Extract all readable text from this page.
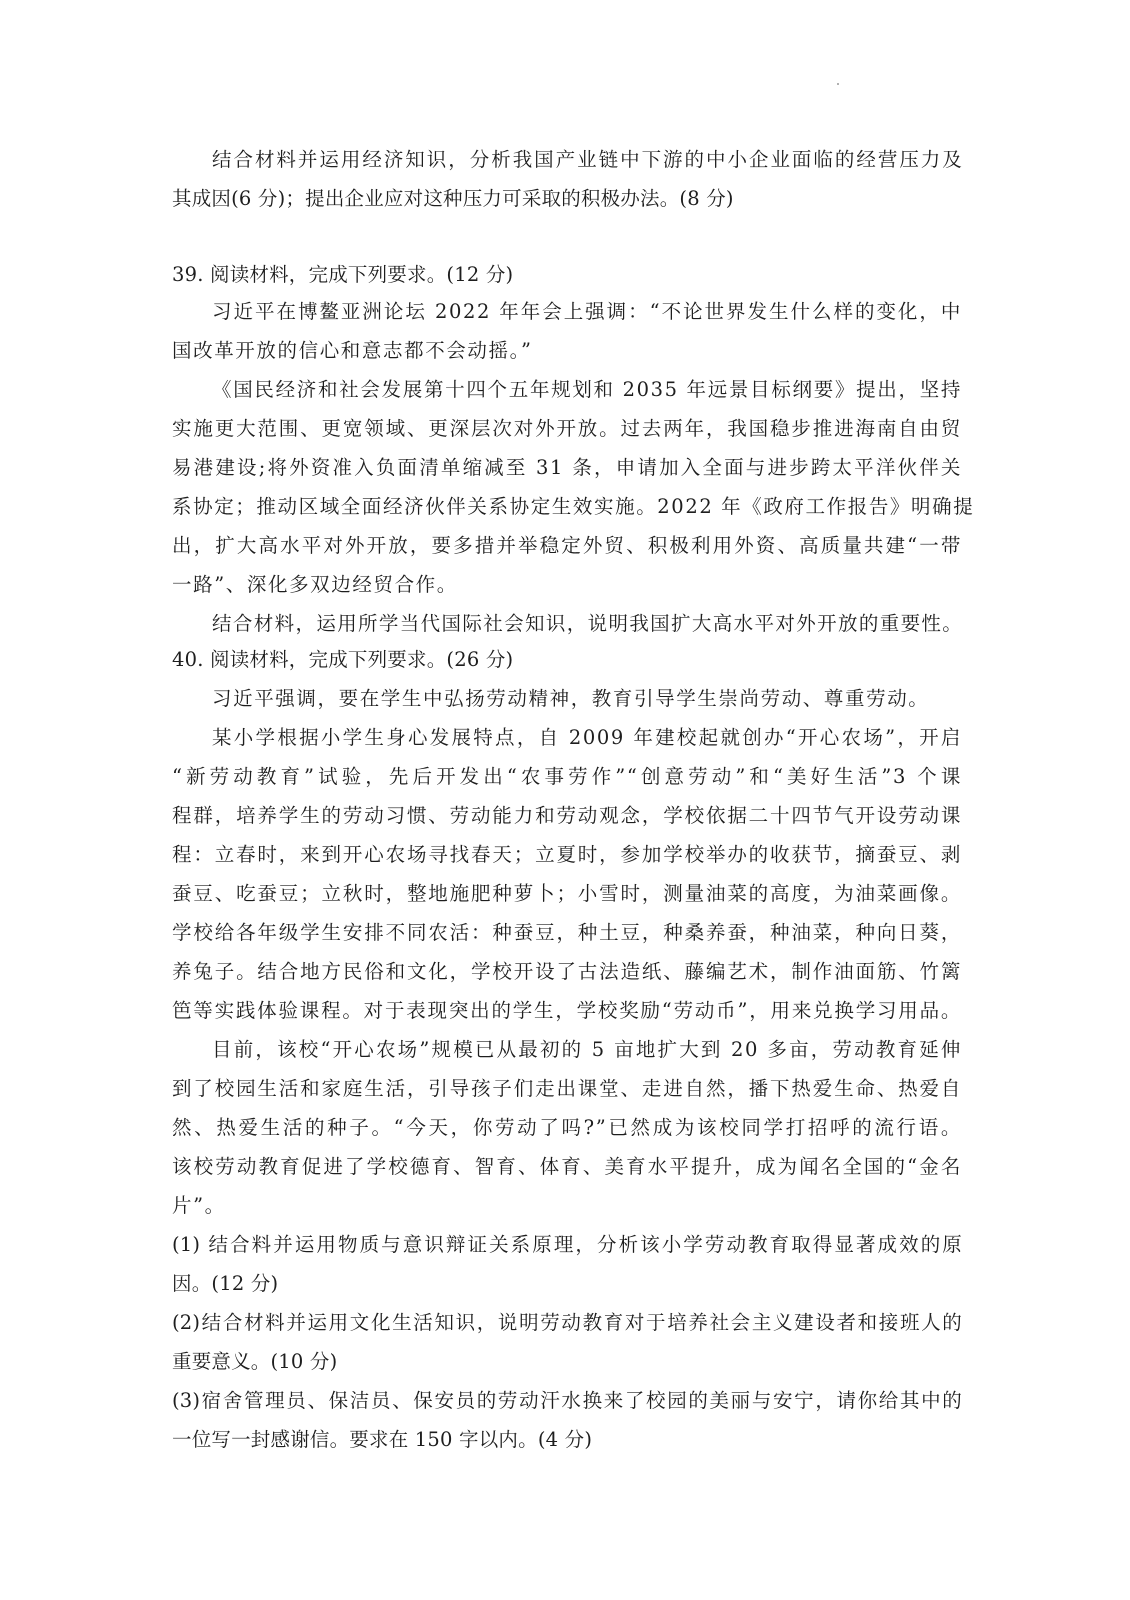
结合材料并运用经济知识，分析我国产业链中下游的中小企业面临的经营压力及
其成因(6 分)；提出企业应对这种压力可采取的积极办法。(8 分)
39. 阅读材料，完成下列要求。(12 分)
习近平在博鳌亚洲论坛 2022 年年会上强调：“不论世界发生什么样的变化，中
国改革开放的信心和意志都不会动摇。”
《国民经济和社会发展第十四个五年规划和 2035 年远景目标纲要》提出，坚持
实施更大范围、更宽领域、更深层次对外开放。过去两年，我国稳步推进海南自由贸
易港建设;将外资准入负面清单缩减至 31 条，申请加入全面与进步跨太平洋伙伴关
系协定；推动区域全面经济伙伴关系协定生效实施。2022 年《政府工作报告》明确提
出，扩大高水平对外开放，要多措并举稳定外贸、积极利用外资、高质量共建“一带
一路”、深化多双边经贸合作。
结合材料，运用所学当代国际社会知识，说明我国扩大高水平对外开放的重要性。
40. 阅读材料，完成下列要求。(26 分)
习近平强调，要在学生中弘扬劳动精神，教育引导学生崇尚劳动、尊重劳动。
某小学根据小学生身心发展特点，自 2009 年建校起就创办“开心农场”，开启
“新劳动教育”试验，先后开发出“农事劳作”“创意劳动”和“美好生活”3 个课
程群，培养学生的劳动习惯、劳动能力和劳动观念，学校依据二十四节气开设劳动课
程：立春时，来到开心农场寻找春天；立夏时，参加学校举办的收获节，摘蚕豆、剥
蚕豆、吃蚕豆；立秋时，整地施肥种萝卜；小雪时，测量油菜的高度，为油菜画像。
学校给各年级学生安排不同农活：种蚕豆，种土豆，种桑养蚕，种油菜，种向日葵，
养兔子。结合地方民俗和文化，学校开设了古法造纸、藤编艺术，制作油面筋、竹篱
笆等实践体验课程。对于表现突出的学生，学校奖励“劳动币”，用来兑换学习用品。
目前，该校“开心农场”规模已从最初的 5 亩地扩大到 20 多亩，劳动教育延伸
到了校园生活和家庭生活，引导孩子们走出课堂、走进自然，播下热爱生命、热爱自
然、热爱生活的种子。“今天，你劳动了吗?”已然成为该校同学打招呼的流行语。
该校劳动教育促进了学校德育、智育、体育、美育水平提升，成为闻名全国的“金名
片”。
(1) 结合料并运用物质与意识辩证关系原理，分析该小学劳动教育取得显著成效的原
因。(12 分)
(2)结合材料并运用文化生活知识，说明劳动教育对于培养社会主义建设者和接班人的
重要意义。(10 分)
(3)宿舍管理员、保洁员、保安员的劳动汗水换来了校园的美丽与安宁，请你给其中的
一位写一封感谢信。要求在 150 字以内。(4 分)
